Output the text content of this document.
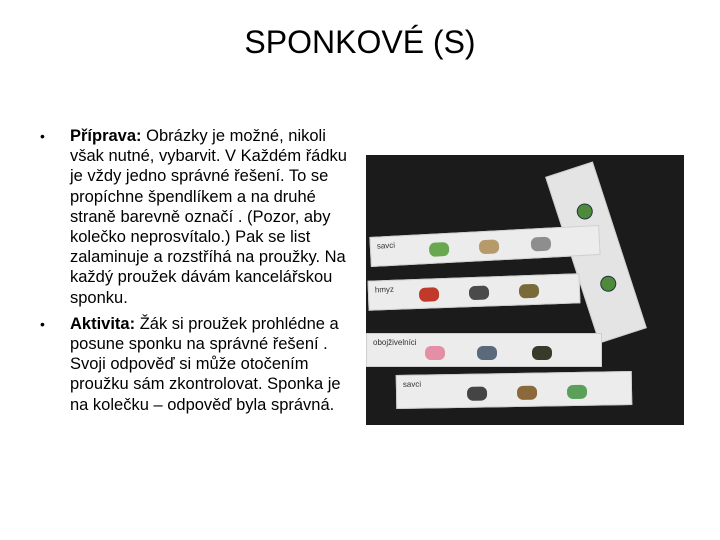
SPONKOVÉ (S)
• Příprava: Obrázky je možné, nikoli však nutné, vybarvit. V Každém řádku je vždy jedno správné řešení. To se propíchne špendlíkem a na druhé straně barevně označí . (Pozor, aby kolečko neprosvítalo.) Pak se list zalaminuje a rozstříhá na proužky. Na každý proužek dávám kancelářskou sponku.
• Aktivita: Žák si proužek prohlédne a posune sponku na správné řešení . Svoji odpověď si může otočením proužku sám zkontrolovat. Sponka je na kolečku – odpověď byla správná.
savci
hmyz
obojživelníci
savci
